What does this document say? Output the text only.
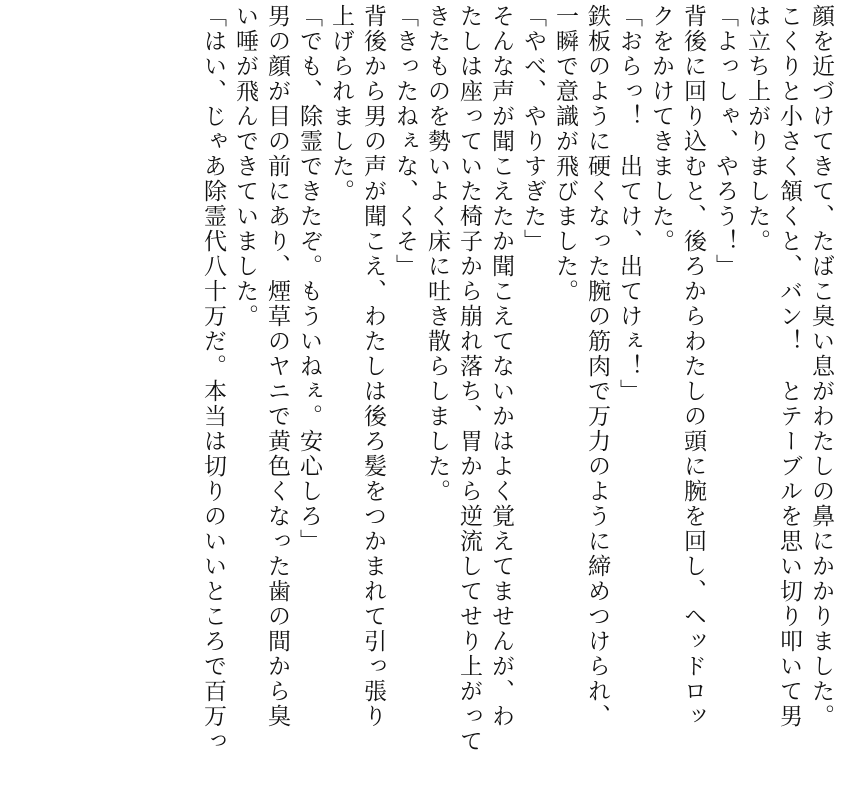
顔を近づけてきて、たばこ臭い息がわたしの鼻にかかりました。
こくりと小さく頷くと、バン！　とテーブルを思い切り叩いて男
は立ち上がりました。
「よっしゃ、やろう！」
背後に回り込むと、後ろからわたしの頭に腕を回し、ヘッドロッ
クをかけてきました。
「おらっ！　出てけ、出てけぇ！」
鉄板のように硬くなった腕の筋肉で万力のように締めつけられ、
一瞬で意識が飛びました。
「やべ、やりすぎた」
そんな声が聞こえたか聞こえてないかはよく覚えてませんが、わ
たしは座っていた椅子から崩れ落ち、胃から逆流してせり上がって
きたものを勢いよく床に吐き散らしました。
「きったねぇな、くそ」
背後から男の声が聞こえ、わたしは後ろ髪をつかまれて引っ張り
上げられました。
「でも、除霊できたぞ。もういねぇ。安心しろ」
男の顔が目の前にあり、煙草のヤニで黄色くなった歯の間から臭
い唾が飛んできていました。
「はい、じゃあ除霊代八十万だ。本当は切りのいいところで百万っ
